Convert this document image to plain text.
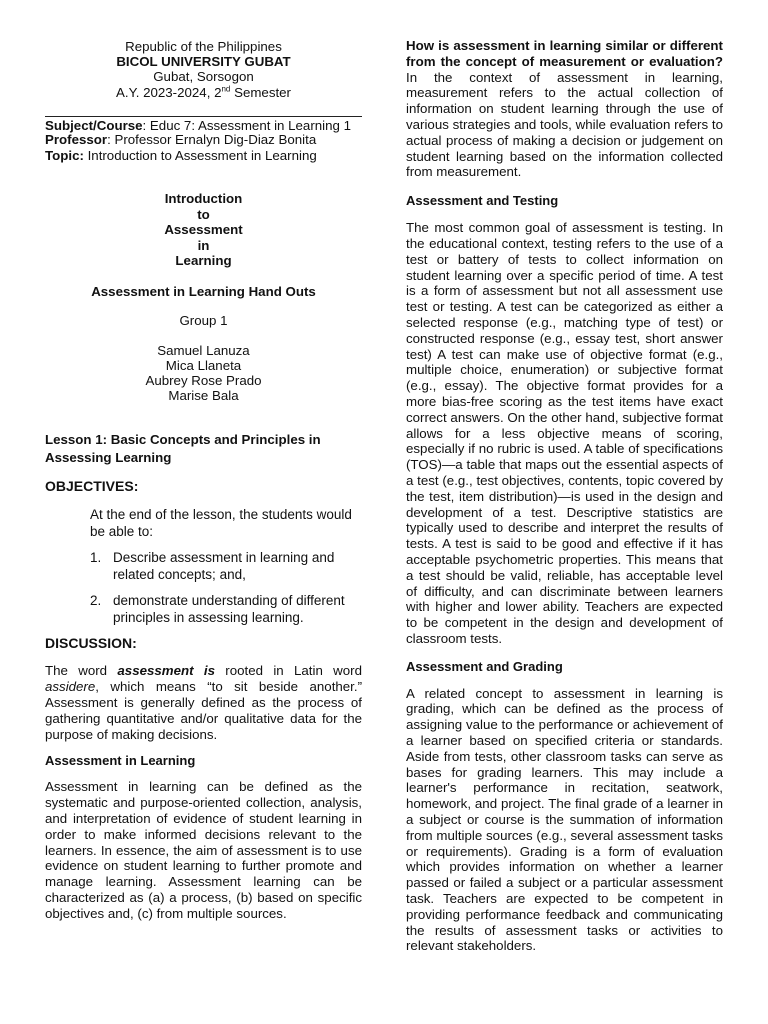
Republic of the Philippines

BICOL UNIVERSITY GUBAT

Gubat, Sorsogon

A.Y. 2023-2024, 2nd Semester

Subject/Course: Educ 7: Assessment in Learning 1

Professor: Professor Ernalyn Dig-Diaz Bonita

Topic: Introduction to Assessment in Learning

Introduction

to

Assessment

in

Learning

Assessment in Learning Hand Outs

Group 1

Samuel Lanuza

Mica Llaneta

Aubrey Rose Prado

Marise Bala

Lesson 1: Basic Concepts and Principles in Assessing Learning

OBJECTIVES:

At the end of the lesson, the students would be able to:

1. Describe assessment in learning and related concepts; and,
2. demonstrate understanding of different principles in assessing learning.

DISCUSSION:

The word assessment is rooted in Latin word assidere, which means “to sit beside another.” Assessment is generally defined as the process of gathering quantitative and/or qualitative data for the purpose of making decisions.

Assessment in Learning

Assessment in learning can be defined as the systematic and purpose-oriented collection, analysis, and interpretation of evidence of student learning in order to make informed decisions relevant to the learners. In essence, the aim of assessment is to use evidence on student learning to further promote and manage learning. Assessment learning can be characterized as (a) a process, (b) based on specific objectives and, (c) from multiple sources.

How is assessment in learning similar or different from the concept of measurement or evaluation? In the context of assessment in learning, measurement refers to the actual collection of information on student learning through the use of various strategies and tools, while evaluation refers to actual process of making a decision or judgement on student learning based on the information collected from measurement.

Assessment and Testing

The most common goal of assessment is testing. In the educational context, testing refers to the use of a test or battery of tests to collect information on student learning over a specific period of time. A test is a form of assessment but not all assessment use test or testing. A test can be categorized as either a selected response (e.g., matching type of test) or constructed response (e.g., essay test, short answer test) A test can make use of objective format (e.g., multiple choice, enumeration) or subjective format (e.g., essay). The objective format provides for a more bias-free scoring as the test items have exact correct answers. On the other hand, subjective format allows for a less objective means of scoring, especially if no rubric is used. A table of specifications (TOS)—a table that maps out the essential aspects of a test (e.g., test objectives, contents, topic covered by the test, item distribution)—is used in the design and development of a test. Descriptive statistics are typically used to describe and interpret the results of tests. A test is said to be good and effective if it has acceptable psychometric properties. This means that a test should be valid, reliable, has acceptable level of difficulty, and can discriminate between learners with higher and lower ability. Teachers are expected to be competent in the design and development of classroom tests.

Assessment and Grading

A related concept to assessment in learning is grading, which can be defined as the process of assigning value to the performance or achievement of a learner based on specified criteria or standards. Aside from tests, other classroom tasks can serve as bases for grading learners. This may include a learner's performance in recitation, seatwork, homework, and project. The final grade of a learner in a subject or course is the summation of information from multiple sources (e.g., several assessment tasks or requirements). Grading is a form of evaluation which provides information on whether a learner passed or failed a subject or a particular assessment task. Teachers are expected to be competent in providing performance feedback and communicating the results of assessment tasks or activities to relevant stakeholders.
